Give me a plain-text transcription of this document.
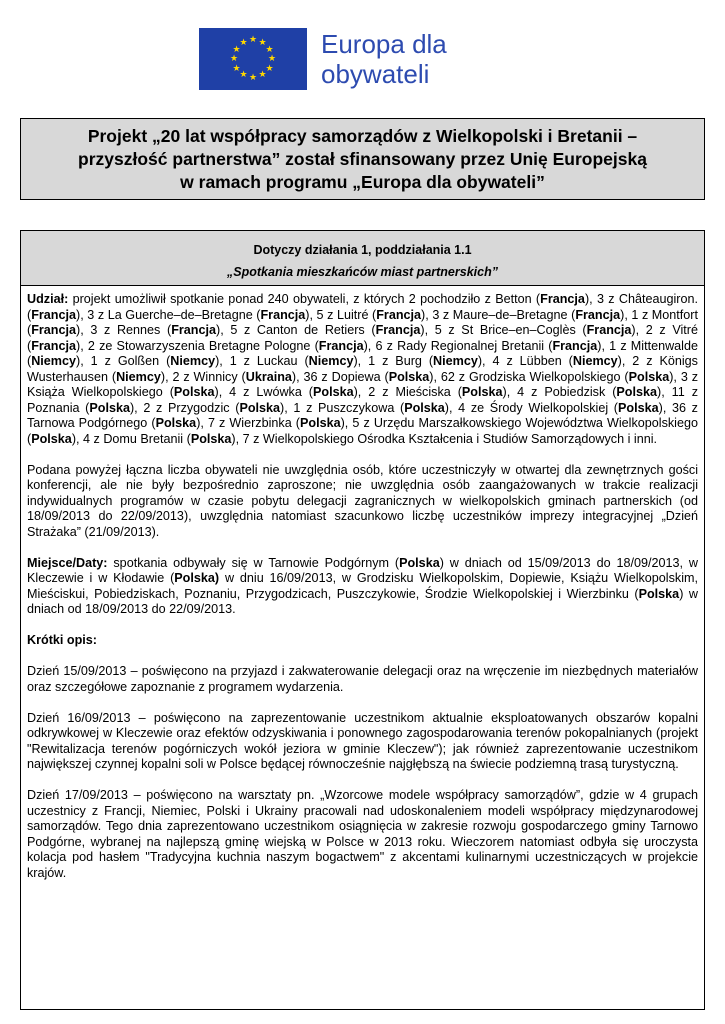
★ ★
★
★
★
★
★
★
★
★
★
★	Europa dla
obywateli
Projekt „20 lat współpracy samorządów z Wielkopolski i Bretanii –
przyszłość partnerstwa” został sfinansowany przez Unię Europejską
w ramach programu „Europa dla obywateli”
Dotyczy działania 1, poddziałania 1.1
„Spotkania mieszkańców miast partnerskich”

Udział: projekt umożliwił spotkanie ponad 240 obywateli, z których 2 pochodziło z Betton (Francja), 3 z Châteaugiron. (Francja), 3 z La Guerche–de–Bretagne (Francja), 5 z Luitré (Francja), 3 z Maure–de–Bretagne (Francja), 1 z Montfort (Francja), 3 z Rennes (Francja), 5 z Canton de Retiers (Francja), 5 z St Brice–en–Coglès (Francja), 2 z Vitré (Francja), 2 ze Stowarzyszenia Bretagne Pologne (Francja), 6 z Rady Regionalnej Bretanii (Francja), 1 z Mittenwalde (Niemcy), 1 z Golßen (Niemcy), 1 z Luckau (Niemcy), 1 z Burg (Niemcy), 4 z Lübben (Niemcy), 2 z Königs Wusterhausen (Niemcy), 2 z Winnicy (Ukraina), 36 z Dopiewa (Polska), 62 z Grodziska Wielkopolskiego (Polska), 3 z Książa Wielkopolskiego (Polska), 4 z Lwówka (Polska), 2 z Mieściska (Polska), 4 z Pobiedzisk (Polska), 11 z Poznania (Polska), 2 z Przygodzic (Polska), 1 z Puszczykowa (Polska), 4 ze Środy Wielkopolskiej (Polska), 36 z Tarnowa Podgórnego (Polska), 7 z Wierzbinka (Polska), 5 z Urzędu Marszałkowskiego Województwa Wielkopolskiego (Polska), 4 z Domu Bretanii (Polska), 7 z Wielkopolskiego Ośrodka Kształcenia i Studiów Samorządowych i inni.

Podana powyżej łączna liczba obywateli nie uwzględnia osób, które uczestniczyły w otwartej dla zewnętrznych gości konferencji, ale nie były bezpośrednio zaproszone; nie uwzględnia osób zaangażowanych w trakcie realizacji indywidualnych programów w czasie pobytu delegacji zagranicznych w wielkopolskich gminach partnerskich (od 18/09/2013 do 22/09/2013), uwzględnia natomiast szacunkowo liczbę uczestników imprezy integracyjnej „Dzień Strażaka” (21/09/2013).

Miejsce/Daty: spotkania odbywały się w Tarnowie Podgórnym (Polska) w dniach od 15/09/2013 do 18/09/2013, w Kleczewie i w Kłodawie (Polska) w dniu 16/09/2013, w Grodzisku Wielkopolskim, Dopiewie, Książu Wielkopolskim, Mieściskui, Pobiedziskach, Poznaniu, Przygodzicach, Puszczykowie, Środzie Wielkopolskiej i Wierzbinku (Polska) w dniach od 18/09/2013 do 22/09/2013.

Krótki opis:

Dzień 15/09/2013 – poświęcono na przyjazd i zakwaterowanie delegacji oraz na wręczenie im niezbędnych materiałów oraz szczegółowe zapoznanie z programem wydarzenia.

Dzień 16/09/2013 – poświęcono na zaprezentowanie uczestnikom aktualnie eksploatowanych obszarów kopalni odkrywkowej w Kleczewie oraz efektów odzyskiwania i ponownego zagospodarowania terenów pokopalnianych (projekt "Rewitalizacja terenów pogórniczych wokół jeziora w gminie Kleczew"); jak również zaprezentowanie uczestnikom największej czynnej kopalni soli w Polsce będącej równocześnie najgłębszą na świecie podziemną trasą turystyczną.

Dzień 17/09/2013 – poświęcono na warsztaty pn. „Wzorcowe modele współpracy samorządów”, gdzie w 4 grupach uczestnicy z Francji, Niemiec, Polski i Ukrainy pracowali nad udoskonaleniem modeli współpracy międzynarodowej samorządów. Tego dnia zaprezentowano uczestnikom osiągnięcia w zakresie rozwoju gospodarczego gminy Tarnowo Podgórne, wybranej na najlepszą gminę wiejską w Polsce w 2013 roku. Wieczorem natomiast odbyła się uroczysta kolacja pod hasłem "Tradycyjna kuchnia naszym bogactwem" z akcentami kulinarnymi uczestniczących w projekcie krajów.
